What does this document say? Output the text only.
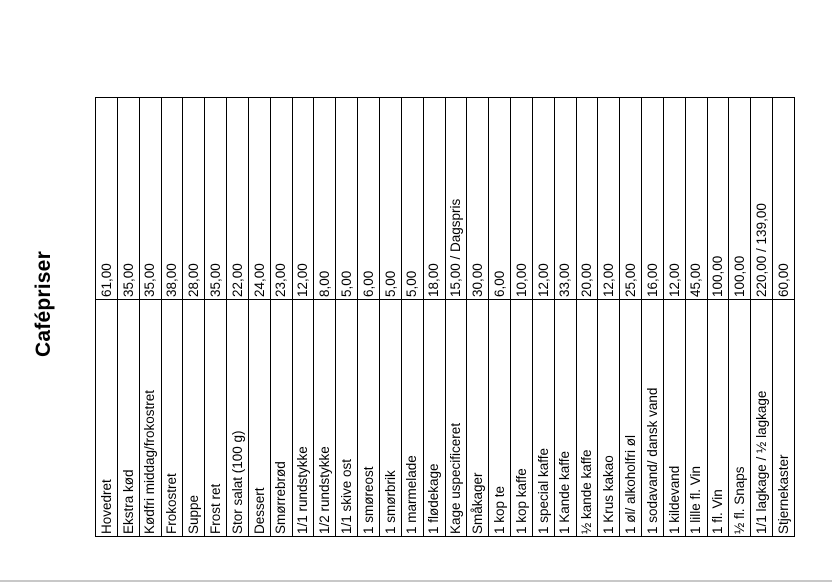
Cafépriser
Hovedret
61,00
Ekstra kød
35,00
Kødfri middag/frokostret
35,00
Frokostret
38,00
Suppe
28,00
Frost ret
35,00
Stor salat (100 g)
22,00
Dessert
24,00
Smørrebrød
23,00
1/1 rundstykke
12,00
1/2 rundstykke
8,00
1/1 skive ost
5,00
1 smøreost
6,00
1 smørbrik
5,00
1 marmelade
5,00
1 flødekage
18,00
Kage uspecificeret
15,00 / Dagspris
Småkager
30,00
1 kop te
6,00
1 kop kaffe
10,00
1 special kaffe
12,00
1 Kande kaffe
33,00
½ kande kaffe
20,00
1 Krus kakao
12,00
1 øl/ alkoholfri øl
25,00
1 sodavand/ dansk vand
16,00
1 kildevand
12,00
1 lille fl. Vin
45,00
1 fl. Vin
100,00
½ fl. Snaps
100,00
1/1 lagkage / ½ lagkage
220,00 / 139,00
Stjernekaster
60,00
